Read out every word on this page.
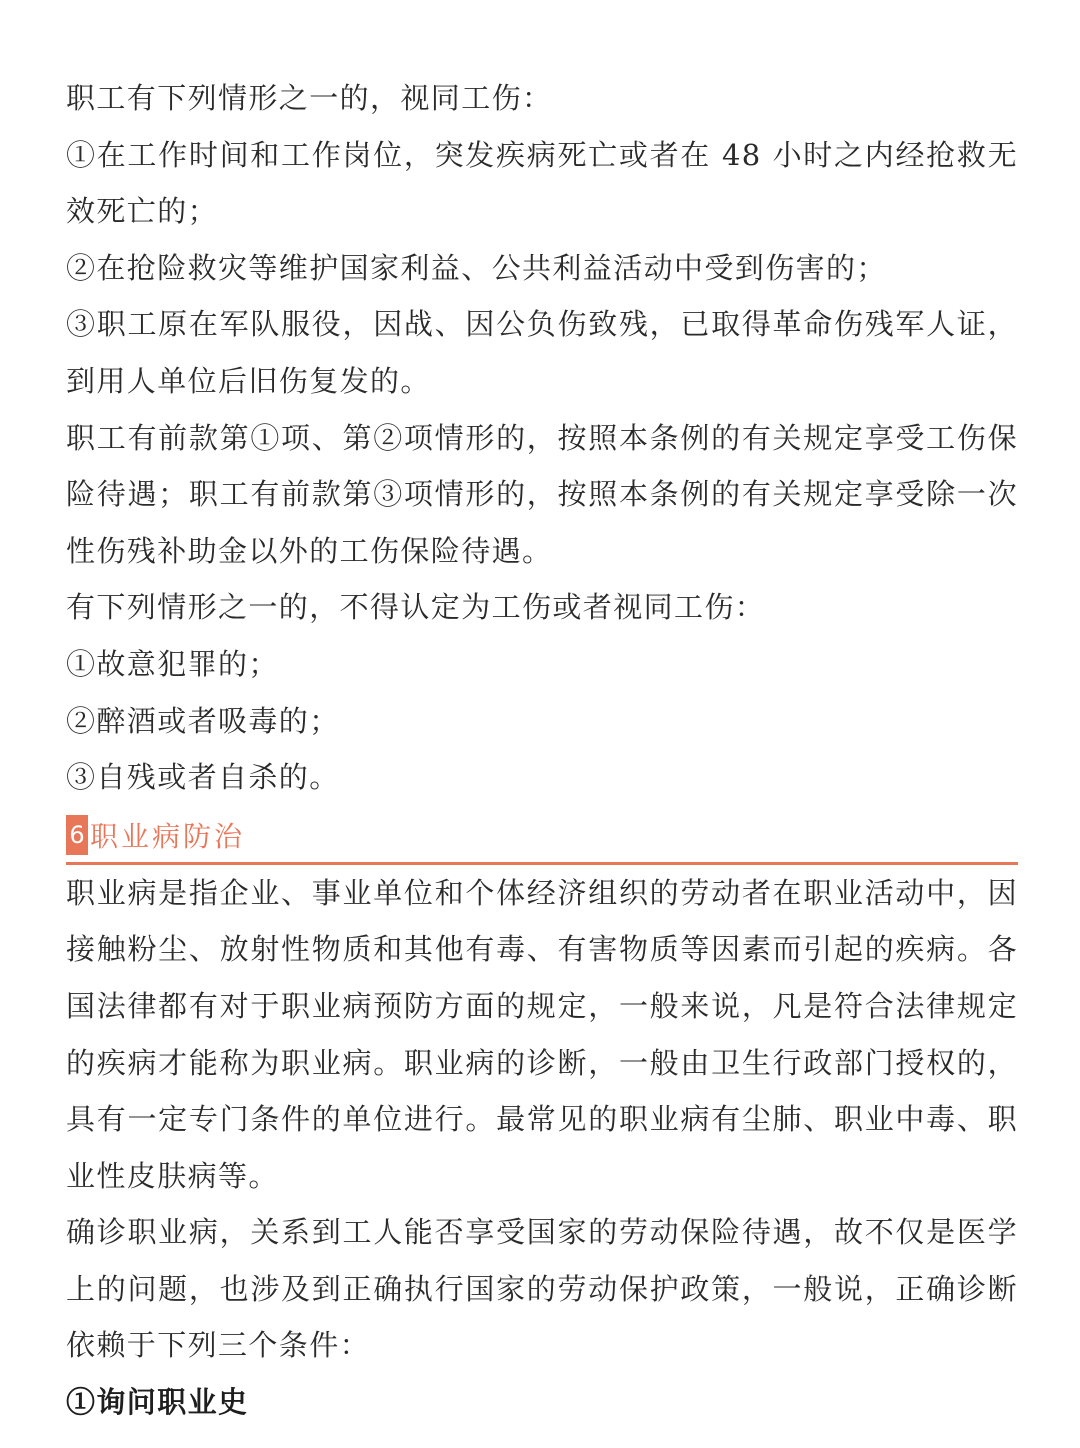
职工有下列情形之一的，视同工伤：

①在工作时间和工作岗位，突发疾病死亡或者在 48 小时之内经抢救无效死亡的；

②在抢险救灾等维护国家利益、公共利益活动中受到伤害的；

③职工原在军队服役，因战、因公负伤致残，已取得革命伤残军人证，到用人单位后旧伤复发的。

职工有前款第①项、第②项情形的，按照本条例的有关规定享受工伤保险待遇；职工有前款第③项情形的，按照本条例的有关规定享受除一次性伤残补助金以外的工伤保险待遇。

有下列情形之一的，不得认定为工伤或者视同工伤：

①故意犯罪的；

②醉酒或者吸毒的；

③自残或者自杀的。

6 职业病防治

职业病是指企业、事业单位和个体经济组织的劳动者在职业活动中，因接触粉尘、放射性物质和其他有毒、有害物质等因素而引起的疾病。各国法律都有对于职业病预防方面的规定，一般来说，凡是符合法律规定的疾病才能称为职业病。职业病的诊断，一般由卫生行政部门授权的，具有一定专门条件的单位进行。最常见的职业病有尘肺、职业中毒、职业性皮肤病等。

确诊职业病，关系到工人能否享受国家的劳动保险待遇，故不仅是医学上的问题，也涉及到正确执行国家的劳动保护政策，一般说，正确诊断依赖于下列三个条件：

①询问职业史
